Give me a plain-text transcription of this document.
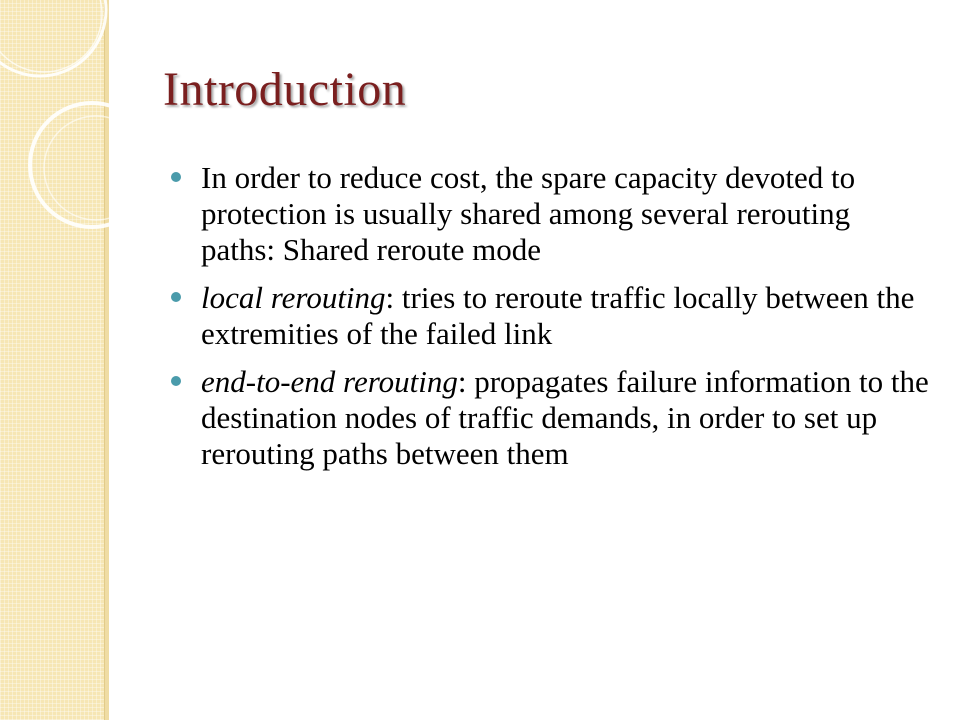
Introduction
In order to reduce cost, the spare capacity devoted to protection is usually shared among several rerouting paths: Shared reroute mode
local rerouting: tries to reroute traffic locally between the extremities of the failed link
end-to-end rerouting: propagates failure information to the destination nodes of traffic demands, in order to set up rerouting paths between them
